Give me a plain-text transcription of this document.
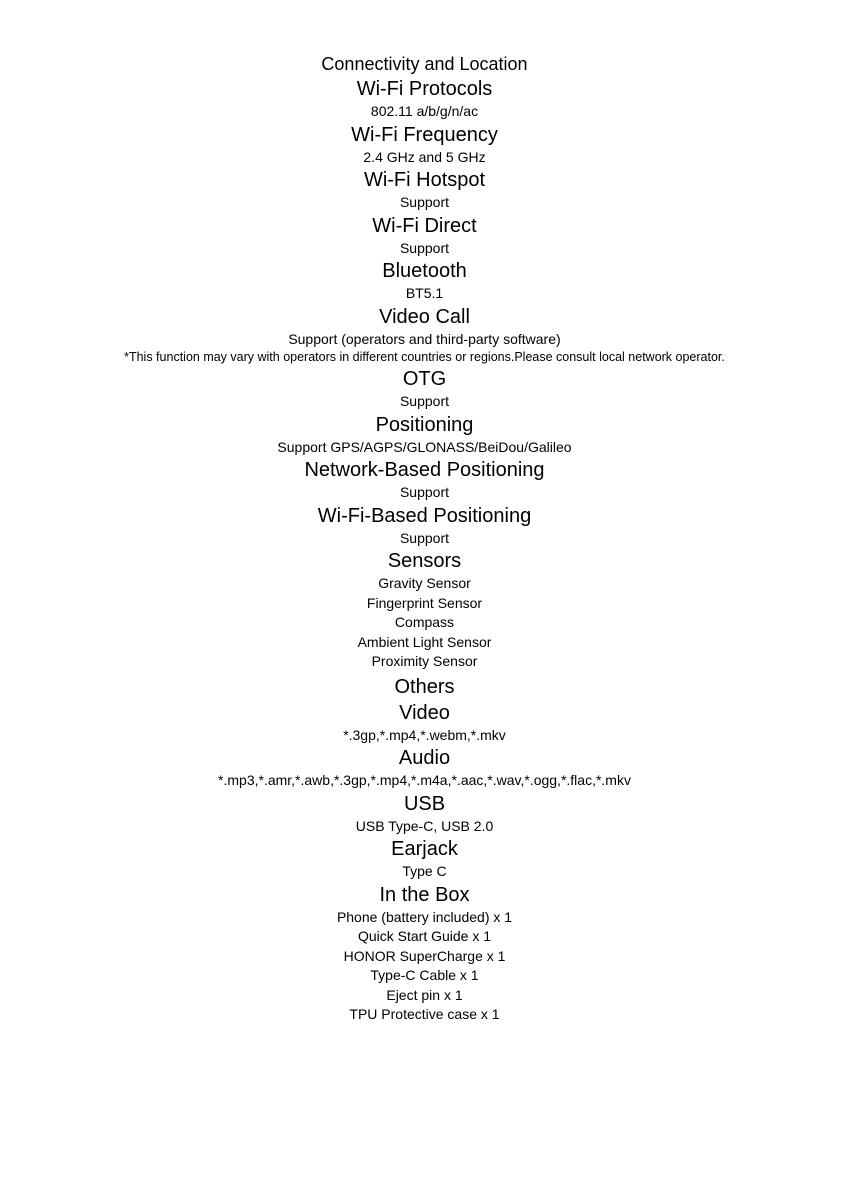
Connectivity and Location

Wi-Fi Protocols

802.11 a/b/g/n/ac

Wi-Fi Frequency

2.4 GHz and 5 GHz

Wi-Fi Hotspot

Support

Wi-Fi Direct

Support

Bluetooth

BT5.1

Video Call

Support (operators and third-party software)

*This function may vary with operators in different countries or regions.Please consult local network operator.

OTG

Support

Positioning

Support GPS/AGPS/GLONASS/BeiDou/Galileo

Network-Based Positioning

Support

Wi-Fi-Based Positioning

Support

Sensors

Gravity Sensor

Fingerprint Sensor

Compass

Ambient Light Sensor

Proximity Sensor

Others

Video

*.3gp,*.mp4,*.webm,*.mkv

Audio

*.mp3,*.amr,*.awb,*.3gp,*.mp4,*.m4a,*.aac,*.wav,*.ogg,*.flac,*.mkv

USB

USB Type-C, USB 2.0

Earjack

Type C

In the Box

Phone (battery included) x 1

Quick Start Guide x 1

HONOR SuperCharge x 1

Type-C Cable x 1

Eject pin x 1

TPU Protective case x 1
